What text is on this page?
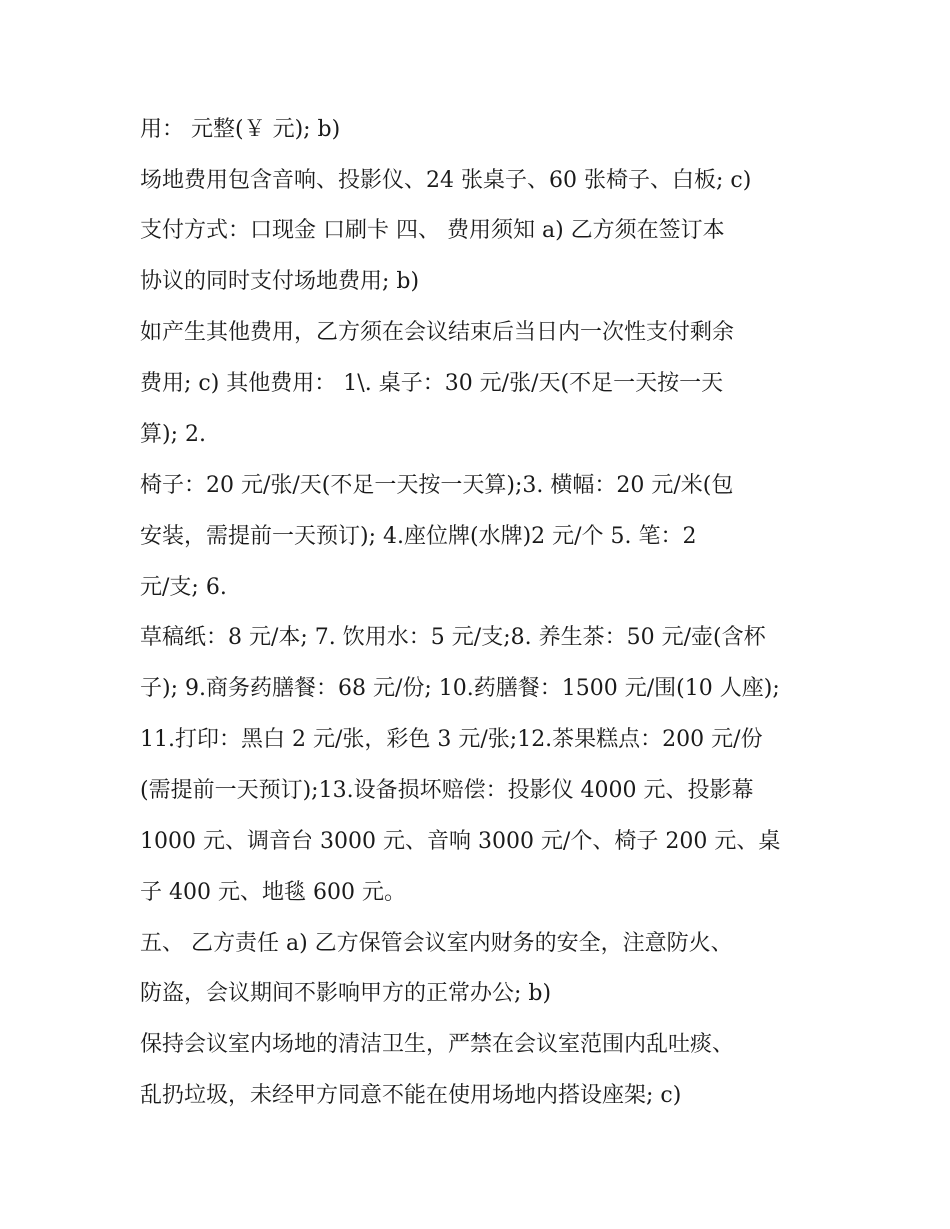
用： 元整(￥ 元); b)
场地费用包含音响、投影仪、24 张桌子、60 张椅子、白板; c)
支付方式：口现金 口刷卡 四、 费用须知 a) 乙方须在签订本
协议的同时支付场地费用; b)
如产生其他费用，乙方须在会议结束后当日内一次性支付剩余
费用; c) 其他费用： 1\. 桌子：30 元/张/天(不足一天按一天
算); 2.
椅子：20 元/张/天(不足一天按一天算);3. 横幅：20 元/米(包
安装，需提前一天预订); 4.座位牌(水牌)2 元/个 5. 笔：2
元/支; 6.
草稿纸：8 元/本; 7. 饮用水：5 元/支;8. 养生茶：50 元/壶(含杯
子); 9.商务药膳餐：68 元/份; 10.药膳餐：1500 元/围(10 人座);
11.打印：黑白 2 元/张，彩色 3 元/张;12.茶果糕点：200 元/份
(需提前一天预订);13.设备损坏赔偿：投影仪 4000 元、投影幕
1000 元、调音台 3000 元、音响 3000 元/个、椅子 200 元、桌
子 400 元、地毯 600 元。
五、 乙方责任 a) 乙方保管会议室内财务的安全，注意防火、
防盗，会议期间不影响甲方的正常办公; b)
保持会议室内场地的清洁卫生，严禁在会议室范围内乱吐痰、
乱扔垃圾，未经甲方同意不能在使用场地内搭设座架; c)
